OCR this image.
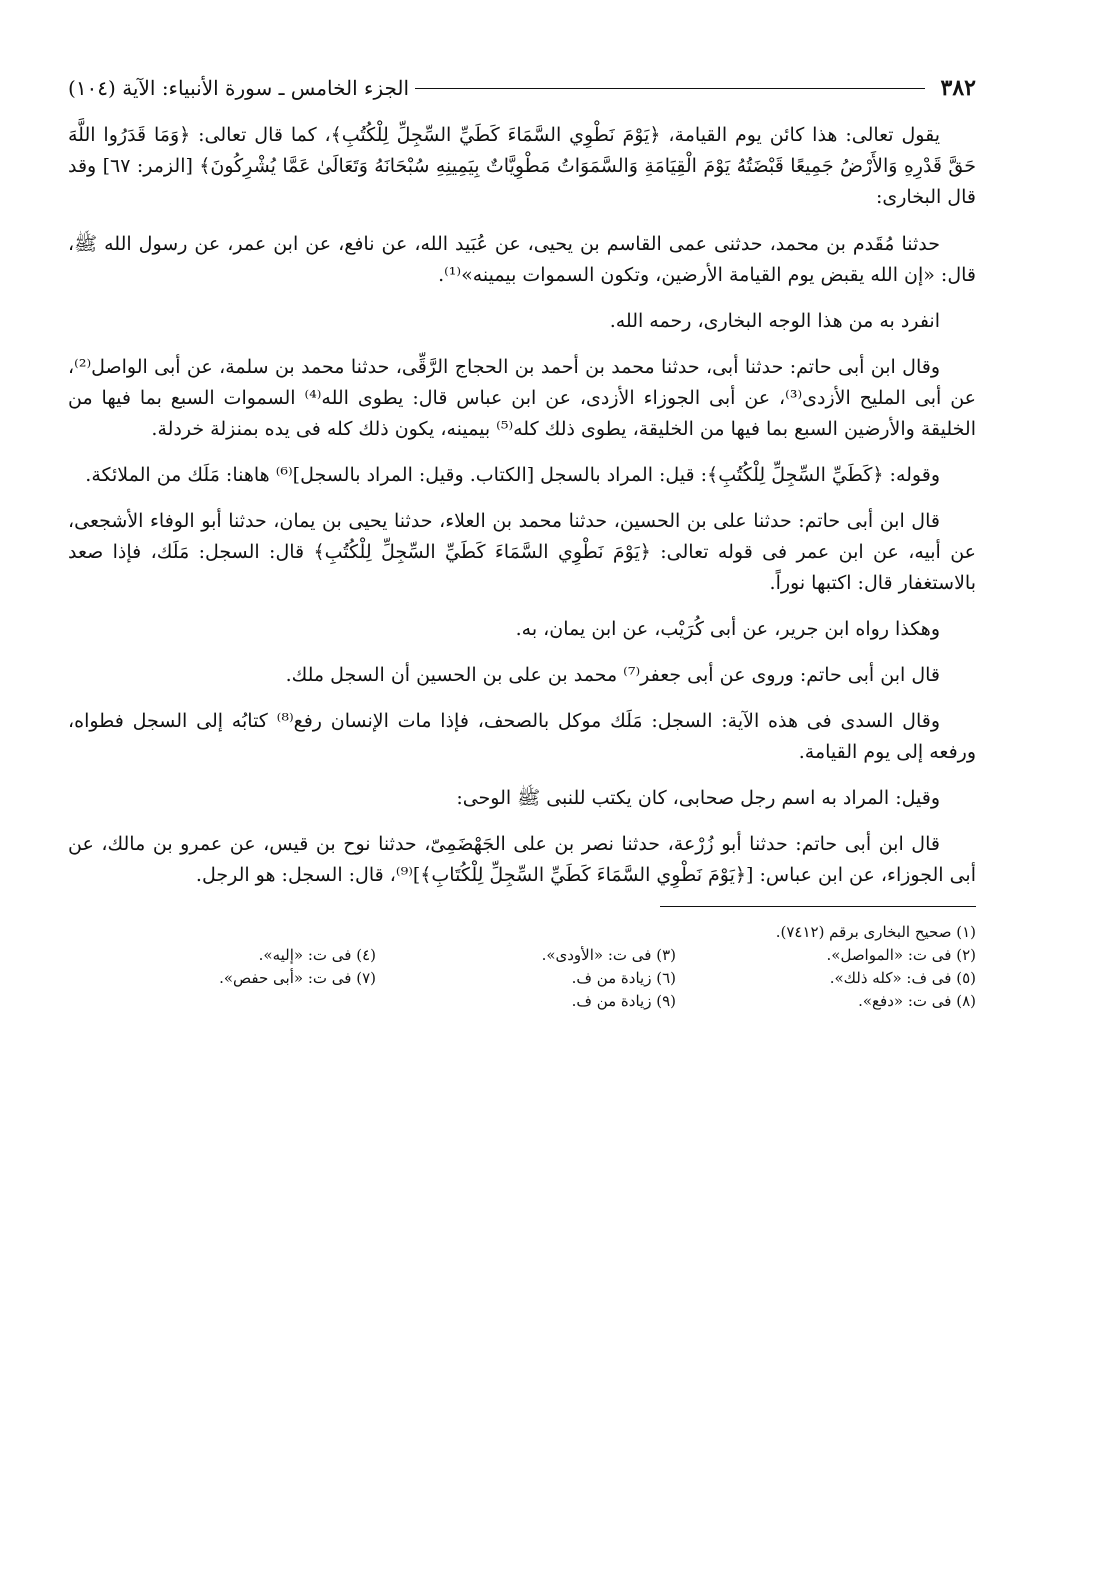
٣٨٢
الجزء الخامس ـ سورة الأنبياء: الآية (١٠٤)

يقول تعالى: هذا كائن يوم القيامة، ﴿يَوْمَ نَطْوِي السَّمَاءَ كَطَيِّ السِّجِلِّ لِلْكُتُبِ﴾، كما قال تعالى: ﴿وَمَا قَدَرُوا اللَّهَ حَقَّ قَدْرِهِ وَالأَرْضُ جَمِيعًا قَبْضَتُهُ يَوْمَ الْقِيَامَةِ وَالسَّمَوَاتُ مَطْوِيَّاتٌ بِيَمِينِهِ سُبْحَانَهُ وَتَعَالَىٰ عَمَّا يُشْرِكُونَ﴾ [الزمر: ٦٧] وقد قال البخارى:

حدثنا مُقَدم بن محمد، حدثنى عمى القاسم بن يحيى، عن عُبَيد الله، عن نافع، عن ابن عمر، عن رسول الله ﷺ، قال: «إن الله يقبض يوم القيامة الأرضين، وتكون السموات بيمينه»⁽¹⁾.

انفرد به من هذا الوجه البخارى، رحمه الله.

وقال ابن أبى حاتم: حدثنا أبى، حدثنا محمد بن أحمد بن الحجاج الرَّقِّى، حدثنا محمد بن سلمة، عن أبى الواصل⁽²⁾، عن أبى المليح الأزدى⁽³⁾، عن أبى الجوزاء الأزدى، عن ابن عباس قال: يطوى الله⁽⁴⁾ السموات السبع بما فيها من الخليقة والأرضين السبع بما فيها من الخليقة، يطوى ذلك كله⁽⁵⁾ بيمينه، يكون ذلك كله فى يده بمنزلة خردلة.

وقوله: ﴿كَطَيِّ السِّجِلِّ لِلْكُتُبِ﴾: قيل: المراد بالسجل [الكتاب. وقيل: المراد بالسجل]⁽⁶⁾ هاهنا: مَلَك من الملائكة.

قال ابن أبى حاتم: حدثنا على بن الحسين، حدثنا محمد بن العلاء، حدثنا يحيى بن يمان، حدثنا أبو الوفاء الأشجعى، عن أبيه، عن ابن عمر فى قوله تعالى: ﴿يَوْمَ نَطْوِي السَّمَاءَ كَطَيِّ السِّجِلِّ لِلْكُتُبِ﴾ قال: السجل: مَلَك، فإذا صعد بالاستغفار قال: اكتبها نوراً.

وهكذا رواه ابن جرير، عن أبى كُرَيْب، عن ابن يمان، به.

قال ابن أبى حاتم: وروى عن أبى جعفر⁽⁷⁾ محمد بن على بن الحسين أن السجل ملك.

وقال السدى فى هذه الآية: السجل: مَلَك موكل بالصحف، فإذا مات الإنسان رفع⁽⁸⁾ كتابُه إلى السجل فطواه، ورفعه إلى يوم القيامة.

وقيل: المراد به اسم رجل صحابى، كان يكتب للنبى ﷺ الوحى:

قال ابن أبى حاتم: حدثنا أبو زُرْعة، حدثنا نصر بن على الجَهْضَمِىّ، حدثنا نوح بن قيس، عن عمرو بن مالك، عن أبى الجوزاء، عن ابن عباس: [﴿يَوْمَ نَطْوِي السَّمَاءَ كَطَيِّ السِّجِلِّ لِلْكُتَابِ﴾]⁽⁹⁾، قال: السجل: هو الرجل.

(١) صحيح البخارى برقم (٧٤١٢).
(٢) فى ت: «المواصل».
(٣) فى ت: «الأودى».
(٤) فى ت: «إليه».
(٥) فى ف: «كله ذلك».
(٦) زيادة من ف.
(٧) فى ت: «أبى حفص».
(٨) فى ت: «دفع».
(٩) زيادة من ف.
